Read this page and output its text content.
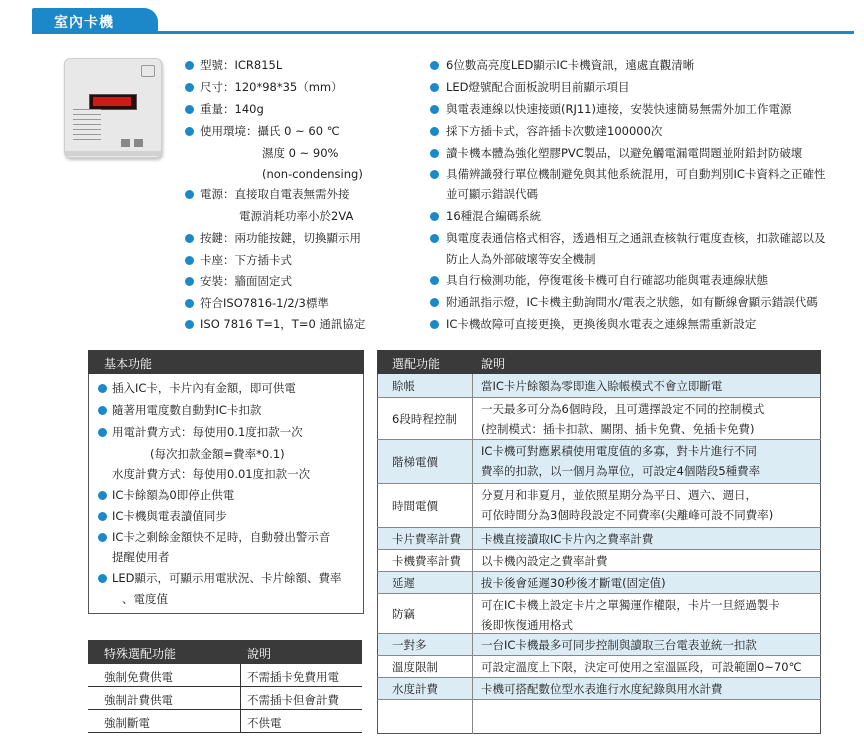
室內卡機
型號：ICR815L
尺寸：120*98*35（mm）
重量：140g
使用環境：攝氏 0 ~ 60 ℃
濕度 0 ~ 90%
(non-condensing)
電源：直接取自電表無需外接
電源消耗功率小於2VA
按鍵：兩功能按鍵，切換顯示用
卡座：下方插卡式
安裝：牆面固定式
符合ISO7816-1/2/3標準
ISO 7816 T=1，T=0 通訊協定
6位數高亮度LED顯示IC卡機資訊，遠處直觀清晰
LED燈號配合面板說明目前顯示項目
與電表連線以快速接頭(RJ11)連接，安裝快速簡易無需外加工作電源
採下方插卡式，容許插卡次數達100000次
讀卡機本體為強化塑膠PVC製品，以避免觸電漏電問題並附鉛封防破壞
具備辨識發行單位機制避免與其他系統混用，可自動判別IC卡資料之正確性
並可顯示錯誤代碼
16種混合編碼系統
與電度表通信格式相容，透過相互之通訊查核執行電度查核，扣款確認以及
防止人為外部破壞等安全機制
具自行檢測功能，停復電後卡機可自行確認功能與電表連線狀態
附通訊指示燈，IC卡機主動詢問水/電表之狀態，如有斷線會顯示錯誤代碼
IC卡機故障可直接更換，更換後與水電表之連線無需重新設定
基本功能
插入IC卡，卡片內有金額，即可供電
隨著用電度數自動對IC卡扣款
用電計費方式：每使用0.1度扣款一次
(每次扣款金額=費率*0.1)
水度計費方式：每使用0.01度扣款一次
IC卡餘額為0即停止供電
IC卡機與電表讀值同步
IC卡之剩餘金額快不足時，自動發出警示音
提醒使用者
LED顯示，可顯示用電狀況、卡片餘額、費率
、電度值
特殊選配功能	說明
強制免費供電	不需插卡免費用電
強制計費供電	不需插卡但會計費
強制斷電	不供電
選配功能	說明
賒帳	當IC卡片餘額為零即進入賒帳模式不會立即斷電
6段時程控制
一天最多可分為6個時段，且可選擇設定不同的控制模式
(控制模式：插卡扣款、關閉、插卡免費、免插卡免費)
階梯電價
IC卡機可對應累積使用電度值的多寡，對卡片進行不同
費率的扣款，以一個月為單位，可設定4個階段5種費率
時間電價
分夏月和非夏月，並依照星期分為平日、週六、週日，
可依時間分為3個時段設定不同費率(尖離峰可設不同費率)
卡片費率計費 卡機直接讀取IC卡片內之費率計費
卡機費率計費 以卡機內設定之費率計費
延遲	拔卡後會延遲30秒後才斷電(固定值)
防竊
可在IC卡機上設定卡片之單獨運作權限，卡片一旦經過製卡
後即恢復通用格式
一對多	一台IC卡機最多可同步控制與讀取三台電表並統一扣款
溫度限制	可設定溫度上下限，決定可使用之室溫區段，可設範圍0~70℃
水度計費	卡機可搭配數位型水表進行水度紀錄與用水計費
